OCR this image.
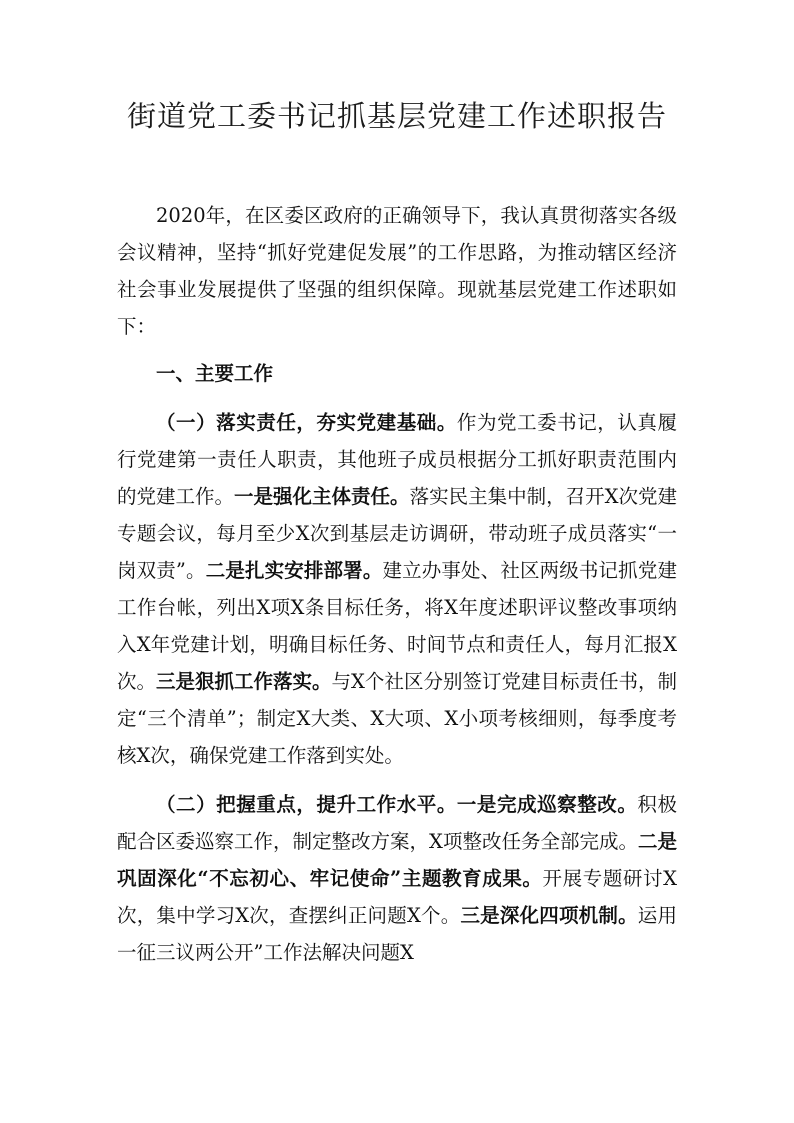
街道党工委书记抓基层党建工作述职报告

2020年，在区委区政府的正确领导下，我认真贯彻落实各级会议精神，坚持“抓好党建促发展”的工作思路，为推动辖区经济社会事业发展提供了坚强的组织保障。现就基层党建工作述职如下：

一、主要工作

（一）落实责任，夯实党建基础。作为党工委书记，认真履行党建第一责任人职责，其他班子成员根据分工抓好职责范围内的党建工作。一是强化主体责任。落实民主集中制，召开X次党建专题会议，每月至少X次到基层走访调研，带动班子成员落实“一岗双责”。二是扎实安排部署。建立办事处、社区两级书记抓党建工作台帐，列出X项X条目标任务，将X年度述职评议整改事项纳入X年党建计划，明确目标任务、时间节点和责任人，每月汇报X次。三是狠抓工作落实。与X个社区分别签订党建目标责任书，制定“三个清单”；制定X大类、X大项、X小项考核细则，每季度考核X次，确保党建工作落到实处。

（二）把握重点，提升工作水平。一是完成巡察整改。积极配合区委巡察工作，制定整改方案，X项整改任务全部完成。二是巩固深化“不忘初心、牢记使命”主题教育成果。开展专题研讨X次，集中学习X次，查摆纠正问题X个。三是深化四项机制。运用一征三议两公开”工作法解决问题X
